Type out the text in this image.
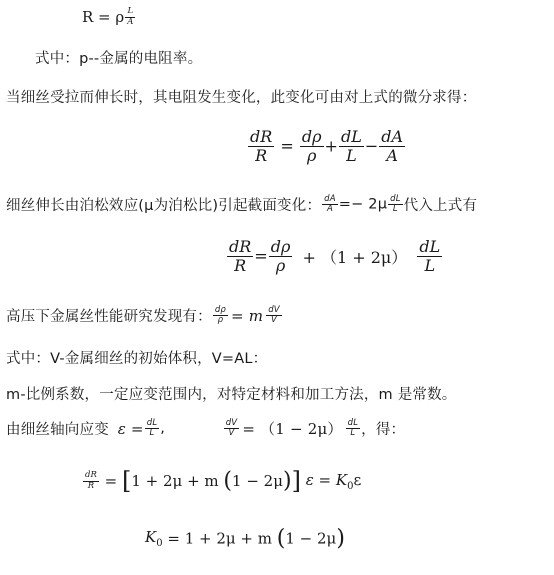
R = ρ $\frac{L}{A}$
式中：p--金属的电阻率。
当细丝受拉而伸长时，其电阻发生变化，此变化可由对上式的微分求得：
$\frac{dR}{R} = \frac{d\rho}{\rho} + \frac{dL}{L} - \frac{dA}{A}$
细丝伸长由泊松效应(μ为泊松比)引起截面变化： $\frac{dA}{A} =- 2\mu \frac{dL}{L}$ 代入上式有
$\frac{dR}{R} = \frac{d\rho}{\rho} + (1 + 2\mu) \frac{dL}{L}$
高压下金属丝性能研究发现有： $\frac{d\rho}{\rho} = m \frac{dV}{V}$
式中：V-金属细丝的初始体积，V=AL：
m-比例系数，一定应变范围内，对特定材料和加工方法，m 是常数。
由细丝轴向应变 $\varepsilon = \frac{dL}{L}$ ,	$\frac{dV}{V} = (1 - 2\mu) \frac{dL}{L}$ ，得：
$\frac{dR}{R} = [1 + 2\mu + m$ (1 − 2μ)] $\varepsilon = K_0\varepsilon$
$K_0 = 1 + 2\mu + m$ (1 − 2μ)
